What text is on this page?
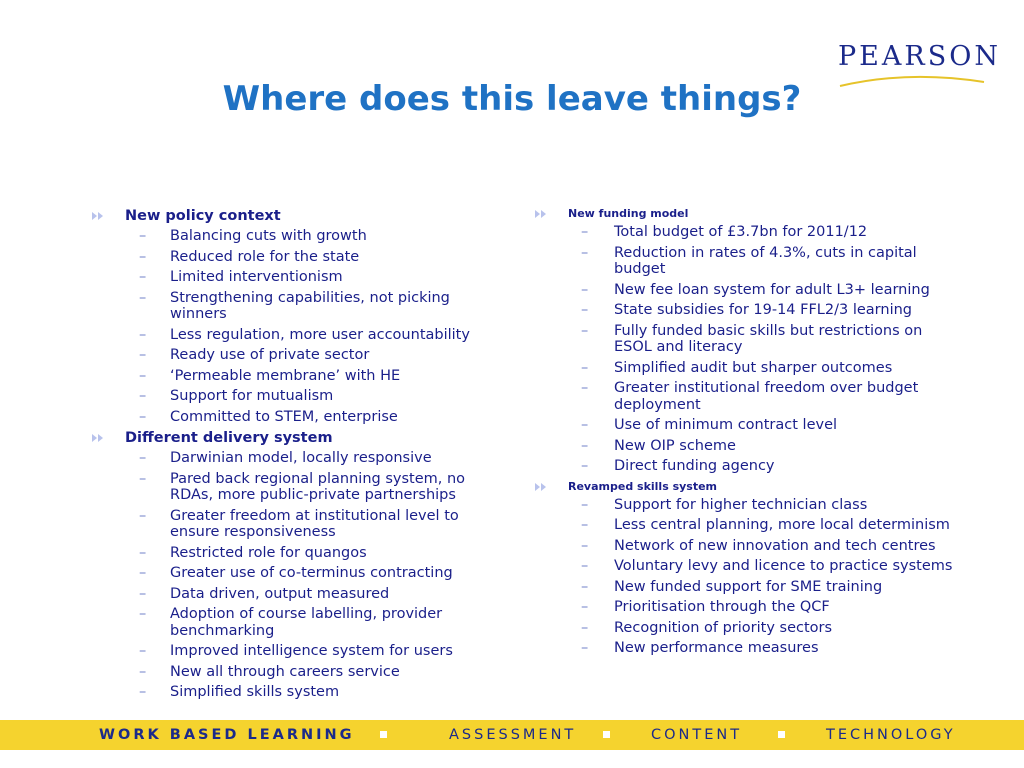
PEARSON
Where does this leave things?
New policy context
– Balancing cuts with growth
– Reduced role for the state
– Limited interventionism
– Strengthening capabilities, not picking winners
– Less regulation, more user accountability
– Ready use of private sector
– ‘Permeable membrane’ with HE
– Support for mutualism
– Committed to STEM, enterprise
Different delivery system
– Darwinian model, locally responsive
– Pared back regional planning system, no RDAs, more public-private partnerships
– Greater freedom at institutional level to ensure responsiveness
– Restricted role for quangos
– Greater use of co-terminus contracting
– Data driven, output measured
– Adoption of course labelling, provider benchmarking
– Improved intelligence system for users
– New all through careers service
– Simplified skills system
New funding model
– Total budget of £3.7bn for 2011/12
– Reduction in rates of 4.3%, cuts in capital budget
– New fee loan system for adult L3+ learning
– State subsidies for 19-14 FFL2/3 learning
– Fully funded basic skills but restrictions on ESOL and literacy
– Simplified audit but sharper outcomes
– Greater institutional freedom over budget deployment
– Use of minimum contract level
– New OIP scheme
– Direct funding agency
Revamped skills system
– Support for higher technician class
– Less central planning, more local determinism
– Network of new innovation and tech centres
– Voluntary levy and licence to practice systems
– New funded support for SME training
– Prioritisation through the QCF
– Recognition of priority sectors
– New performance measures
WORK BASED LEARNING	ASSESSMENT	CONTENT	TECHNOLOGY
